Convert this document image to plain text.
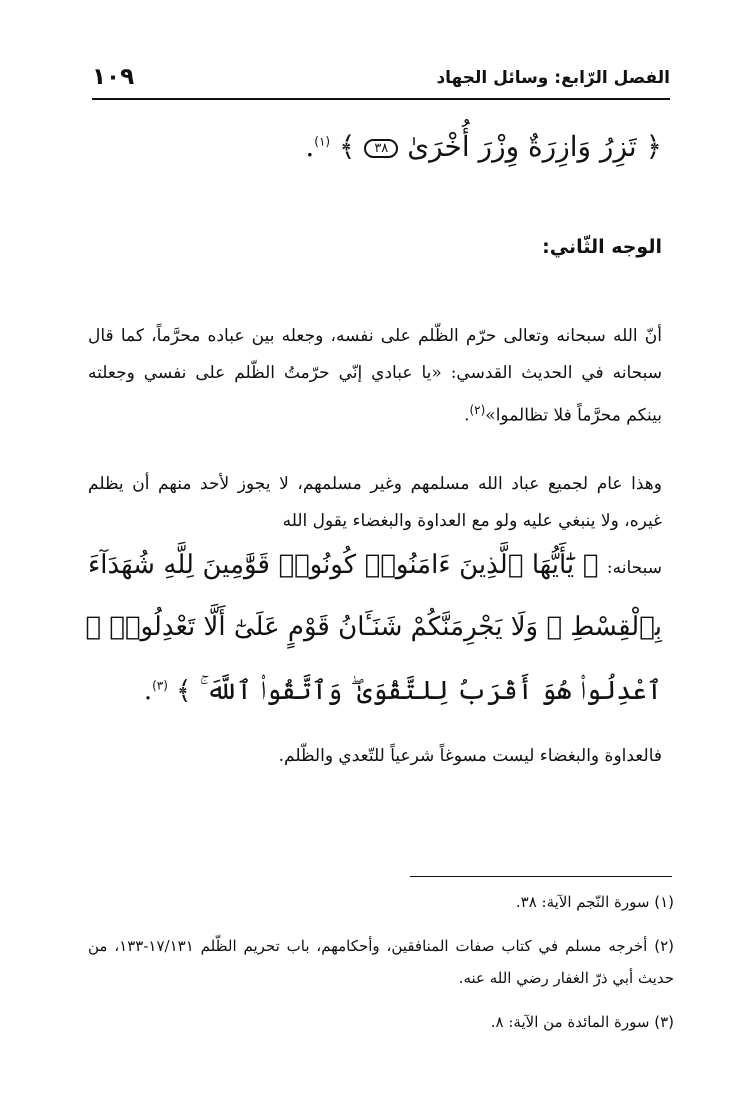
الفصل الرّابع: وسائل الجهاد
١٠٩
﴿ تَزِرُ وَازِرَةٌ وِزْرَ أُخْرَىٰ ٣٨ ﴾ $^{(١)}$.
الوجه الثّاني:
أنّ الله سبحانه وتعالى حرّم الظّلم على نفسه، وجعله بين عباده محرَّماً، كما قال سبحانه في الحديث القدسي: «يا عبادي إنّي حرّمتُ الظّلم على نفسي وجعلته بينكم محرَّماً فلا تظالموا»$^{(٢)}$.
وهذا عام لجميع عباد الله مسلمهم وغير مسلمهم، لا يجوز لأحد منهم أن يظلم غيره، ولا ينبغي عليه ولو مع العداوة والبغضاء يقول الله
سبحانه: ﴿ يَٰٓأَيُّهَا ٱلَّذِينَ ءَامَنُوا۟ كُونُوا۟ قَوَّٰمِينَ لِلَّهِ شُهَدَآءَ
بِٱلْقِسْطِ ۖ وَلَا يَجْرِمَنَّكُمْ شَنَـَٔانُ قَوْمٍ عَلَىٰٓ أَلَّا تَعْدِلُوا۟ ۚ
ٱعْدِلُوا۟ هُوَ أَقْرَبُ لِلتَّقْوَىٰ ۖ وَٱتَّقُوا۟ ٱللَّهَ ۚ ﴾ $^{(٣)}$.
فالعداوة والبغضاء ليست مسوغاً شرعياً للتّعدي والظّلم.
(١) سورة النّجم الآية: ٣٨.
(٢) أخرجه مسلم في كتاب صفات المنافقين، وأحكامهم، باب تحريم الظّلم ١٧/١٣١-١٣٣، من حديث أبي ذرّ الغفار رضي الله عنه.
(٣) سورة المائدة من الآية: ٨.
